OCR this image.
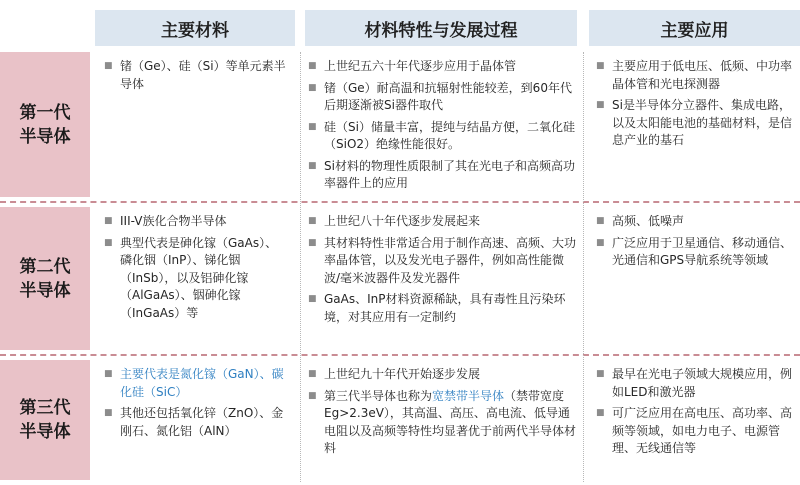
主要材料	材料特性与发展过程	主要应用
第一代
半导体
■ 锗（Ge）、硅（Si）等单元素半导体
■ 上世纪五六十年代逐步应用于晶体管
■ 锗（Ge）耐高温和抗辐射性能较差，到60年代后期逐渐被Si器件取代
■ 硅（Si）储量丰富，提纯与结晶方便，二氧化硅（SiO2）绝缘性能很好。
■ Si材料的物理性质限制了其在光电子和高频高功率器件上的应用
■ 主要应用于低电压、低频、中功率晶体管和光电探测器
■ Si是半导体分立器件、集成电路，以及太阳能电池的基础材料，是信息产业的基石
第二代
半导体
■ III-V族化合物半导体
■ 典型代表是砷化镓（GaAs）、磷化铟（InP）、锑化铟（InSb），以及铝砷化镓（AlGaAs）、铟砷化镓（InGaAs）等
■ 上世纪八十年代逐步发展起来
■ 其材料特性非常适合用于制作高速、高频、大功率晶体管，以及发光电子器件，例如高性能微波/毫米波器件及发光器件
■ GaAs、InP材料资源稀缺，具有毒性且污染环境，对其应用有一定制约
■ 高频、低噪声
■ 广泛应用于卫星通信、移动通信、光通信和GPS导航系统等领域
第三代
半导体
■ 主要代表是氮化镓（GaN）、碳化硅（SiC）
■ 其他还包括氧化锌（ZnO）、金刚石、氮化铝（AlN）
■ 上世纪九十年代开始逐步发展
■ 第三代半导体也称为宽禁带半导体（禁带宽度Eg>2.3eV），其高温、高压、高电流、低导通电阻以及高频等特性均显著优于前两代半导体材料
■ 最早在光电子领域大规模应用，例如LED和激光器
■ 可广泛应用在高电压、高功率、高频等领域，如电力电子、电源管理、无线通信等
